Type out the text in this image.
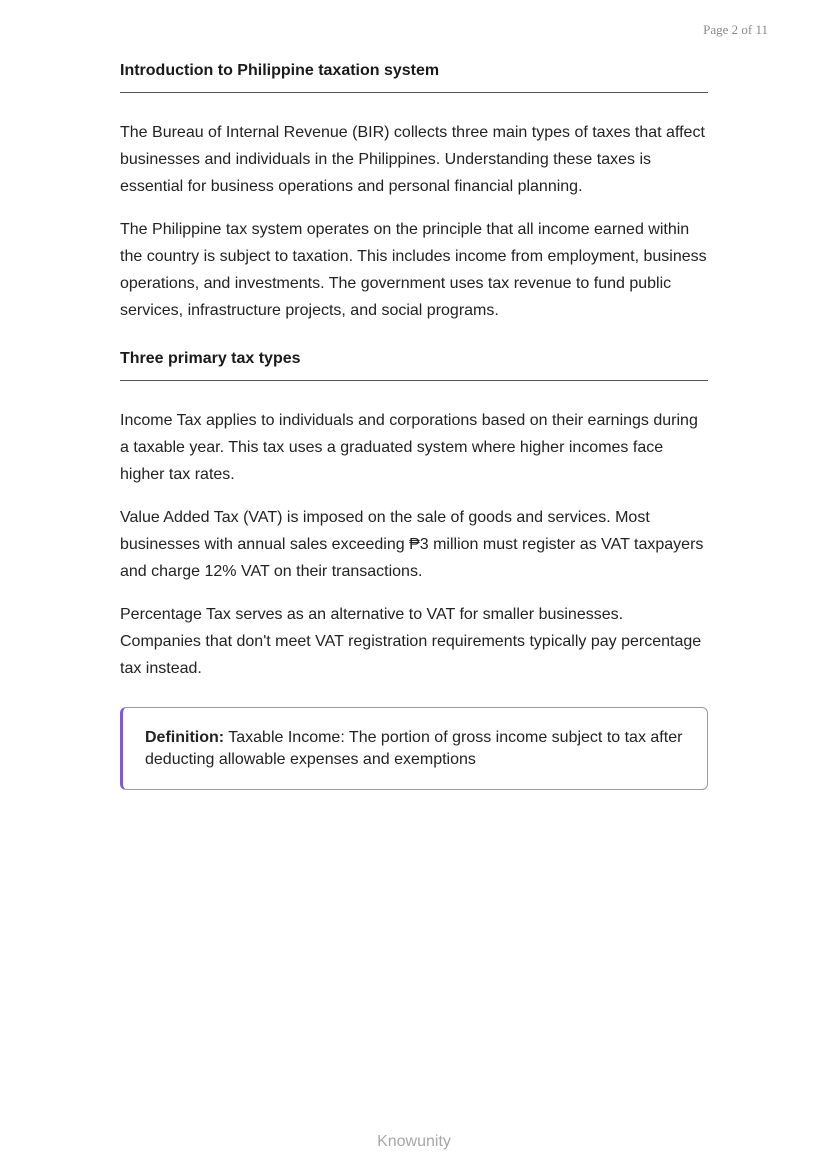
Page 2 of 11
Introduction to Philippine taxation system

The Bureau of Internal Revenue (BIR) collects three main types of taxes that affect businesses and individuals in the Philippines. Understanding these taxes is essential for business operations and personal financial planning.

The Philippine tax system operates on the principle that all income earned within the country is subject to taxation. This includes income from employment, business operations, and investments. The government uses tax revenue to fund public services, infrastructure projects, and social programs.

Three primary tax types

Income Tax applies to individuals and corporations based on their earnings during a taxable year. This tax uses a graduated system where higher incomes face higher tax rates.

Value Added Tax (VAT) is imposed on the sale of goods and services. Most businesses with annual sales exceeding ₱3 million must register as VAT taxpayers and charge 12% VAT on their transactions.

Percentage Tax serves as an alternative to VAT for smaller businesses. Companies that don't meet VAT registration requirements typically pay percentage tax instead.

Definition: Taxable Income: The portion of gross income subject to tax after deducting allowable expenses and exemptions
Knowunity
